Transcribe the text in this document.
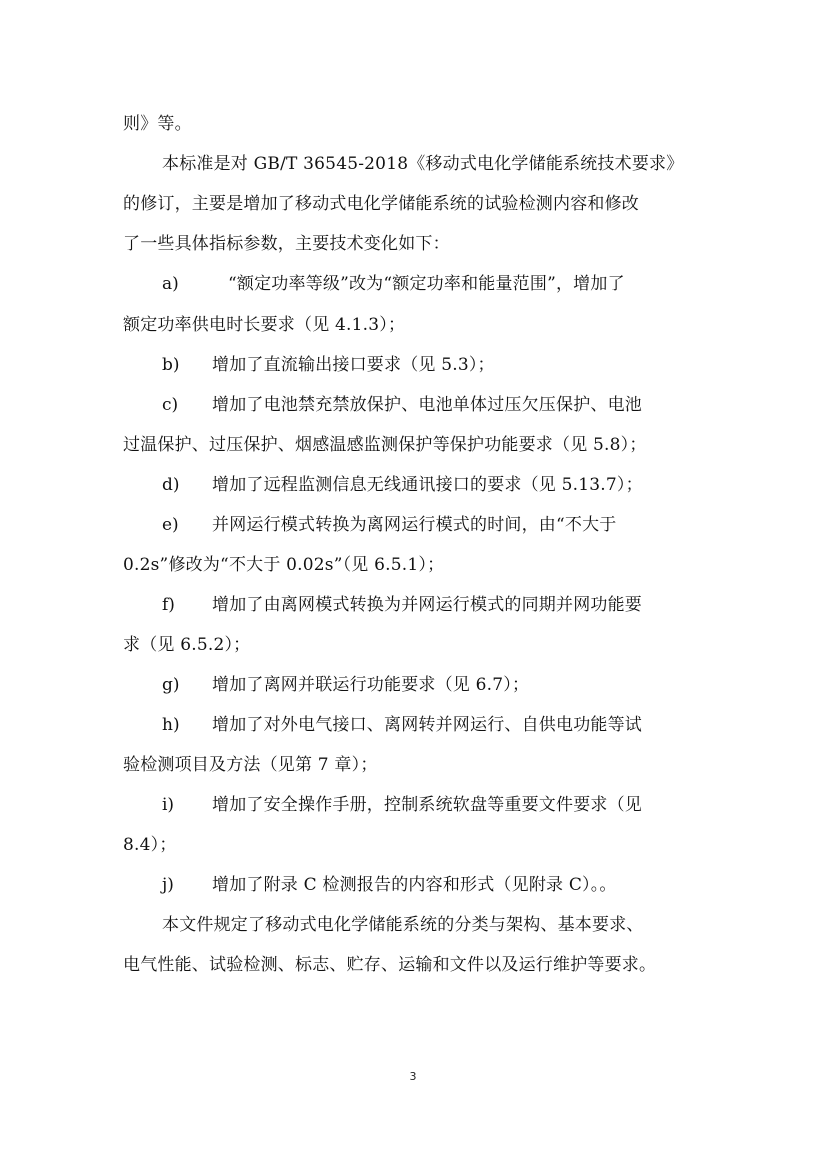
则》等。
本标准是对 GB/T 36545-2018《移动式电化学储能系统技术要求》
的修订，主要是增加了移动式电化学储能系统的试验检测内容和修改
了一些具体指标参数，主要技术变化如下：
a)	“额定功率等级”改为“额定功率和能量范围”，增加了
额定功率供电时长要求（见 4.1.3）；
b) 增加了直流输出接口要求（见 5.3）；
c) 增加了电池禁充禁放保护、电池单体过压欠压保护、电池
过温保护、过压保护、烟感温感监测保护等保护功能要求（见 5.8）；
d) 增加了远程监测信息无线通讯接口的要求（见 5.13.7）；
e) 并网运行模式转换为离网运行模式的时间，由“不大于
0.2s”修改为“不大于 0.02s”（见 6.5.1）；
f) 增加了由离网模式转换为并网运行模式的同期并网功能要
求（见 6.5.2）；
g) 增加了离网并联运行功能要求（见 6.7）；
h) 增加了对外电气接口、离网转并网运行、自供电功能等试
验检测项目及方法（见第 7 章）；
i) 增加了安全操作手册，控制系统软盘等重要文件要求（见
8.4）；
j) 增加了附录 C 检测报告的内容和形式（见附录 C）。。
本文件规定了移动式电化学储能系统的分类与架构、基本要求、
电气性能、试验检测、标志、贮存、运输和文件以及运行维护等要求。
3
